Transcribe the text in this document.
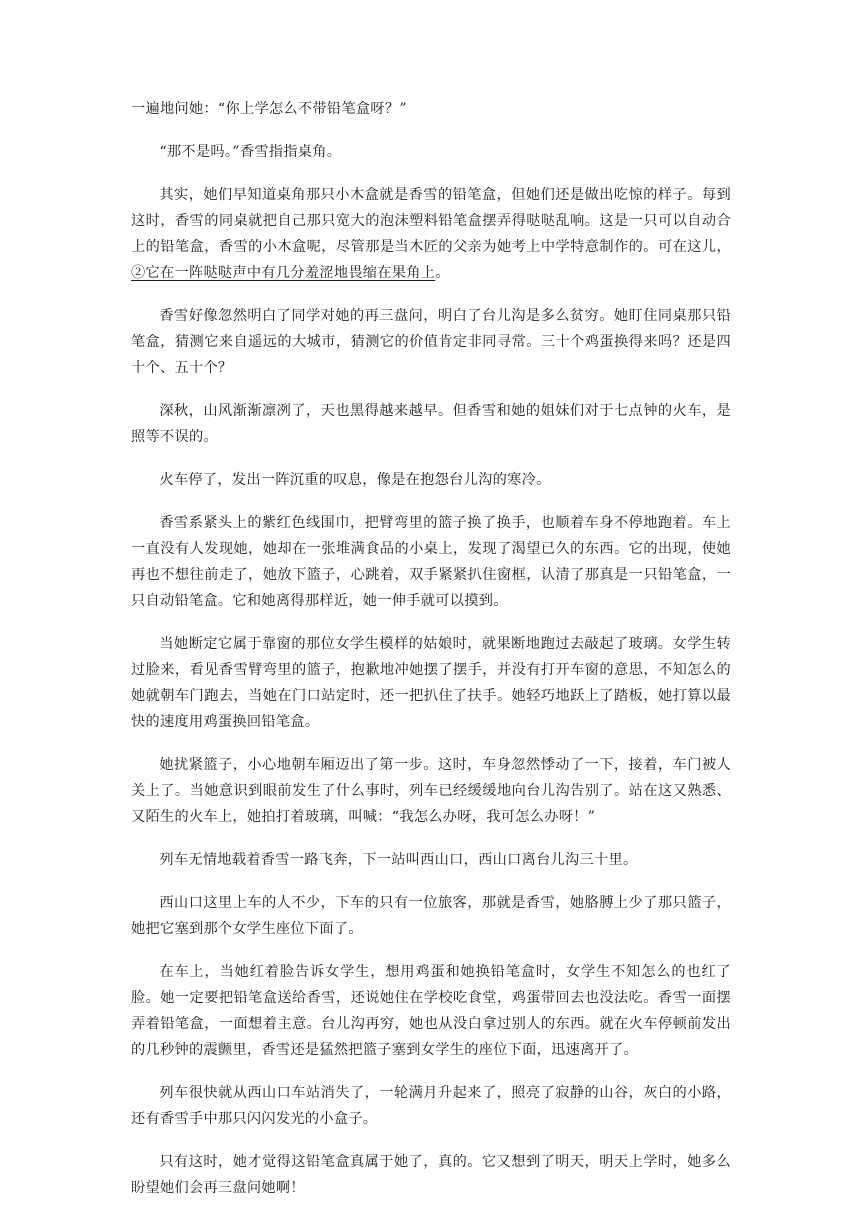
一遍地问她：“你上学怎么不带铅笔盒呀？”

“那不是吗。”香雪指指桌角。

其实，她们早知道桌角那只小木盒就是香雪的铅笔盒，但她们还是做出吃惊的样子。每到这时，香雪的同桌就把自己那只宽大的泡沫塑料铅笔盒摆弄得哒哒乱响。这是一只可以自动合上的铅笔盒，香雪的小木盒呢，尽管那是当木匠的父亲为她考上中学特意制作的。可在这儿，②它在一阵哒哒声中有几分羞涩地畏缩在果角上。

香雪好像忽然明白了同学对她的再三盘问，明白了台儿沟是多么贫穷。她盯住同桌那只铅笔盒，猜测它来自遥远的大城市，猜测它的价值肯定非同寻常。三十个鸡蛋换得来吗？还是四十个、五十个？

深秋，山风渐渐凛冽了，天也黑得越来越早。但香雪和她的姐妹们对于七点钟的火车，是照等不误的。

火车停了，发出一阵沉重的叹息，像是在抱怨台儿沟的寒冷。

香雪系紧头上的紫红色线围巾，把臂弯里的篮子换了换手，也顺着车身不停地跑着。车上一直没有人发现她，她却在一张堆满食品的小桌上，发现了渴望已久的东西。它的出现，使她再也不想往前走了，她放下篮子，心跳着，双手紧紧扒住窗框，认清了那真是一只铅笔盒，一只自动铅笔盒。它和她离得那样近，她一伸手就可以摸到。

当她断定它属于靠窗的那位女学生模样的姑娘时，就果断地跑过去敲起了玻璃。女学生转过脸来，看见香雪臂弯里的篮子，抱歉地冲她摆了摆手，并没有打开车窗的意思，不知怎么的她就朝车门跑去，当她在门口站定时，还一把扒住了扶手。她轻巧地跃上了踏板，她打算以最快的速度用鸡蛋换回铅笔盒。

她扰紧篮子，小心地朝车厢迈出了第一步。这时，车身忽然悸动了一下，接着，车门被人关上了。当她意识到眼前发生了什么事时，列车已经缓缓地向台儿沟告别了。站在这又熟悉、又陌生的火车上，她拍打着玻璃，叫喊：“我怎么办呀，我可怎么办呀！”

列车无情地载着香雪一路飞奔，下一站叫西山口，西山口离台儿沟三十里。

西山口这里上车的人不少，下车的只有一位旅客，那就是香雪，她胳膊上少了那只篮子，她把它塞到那个女学生座位下面了。

在车上，当她红着脸告诉女学生，想用鸡蛋和她换铅笔盒时，女学生不知怎么的也红了脸。她一定要把铅笔盒送给香雪，还说她住在学校吃食堂，鸡蛋带回去也没法吃。香雪一面摆弄着铅笔盒，一面想着主意。台儿沟再穷，她也从没白拿过别人的东西。就在火车停顿前发出的几秒钟的震颤里，香雪还是猛然把篮子塞到女学生的座位下面，迅速离开了。

列车很快就从西山口车站消失了，一轮满月升起来了，照亮了寂静的山谷，灰白的小路，还有香雪手中那只闪闪发光的小盒子。

只有这时，她才觉得这铅笔盒真属于她了，真的。它又想到了明天，明天上学时，她多么盼望她们会再三盘问她啊！
